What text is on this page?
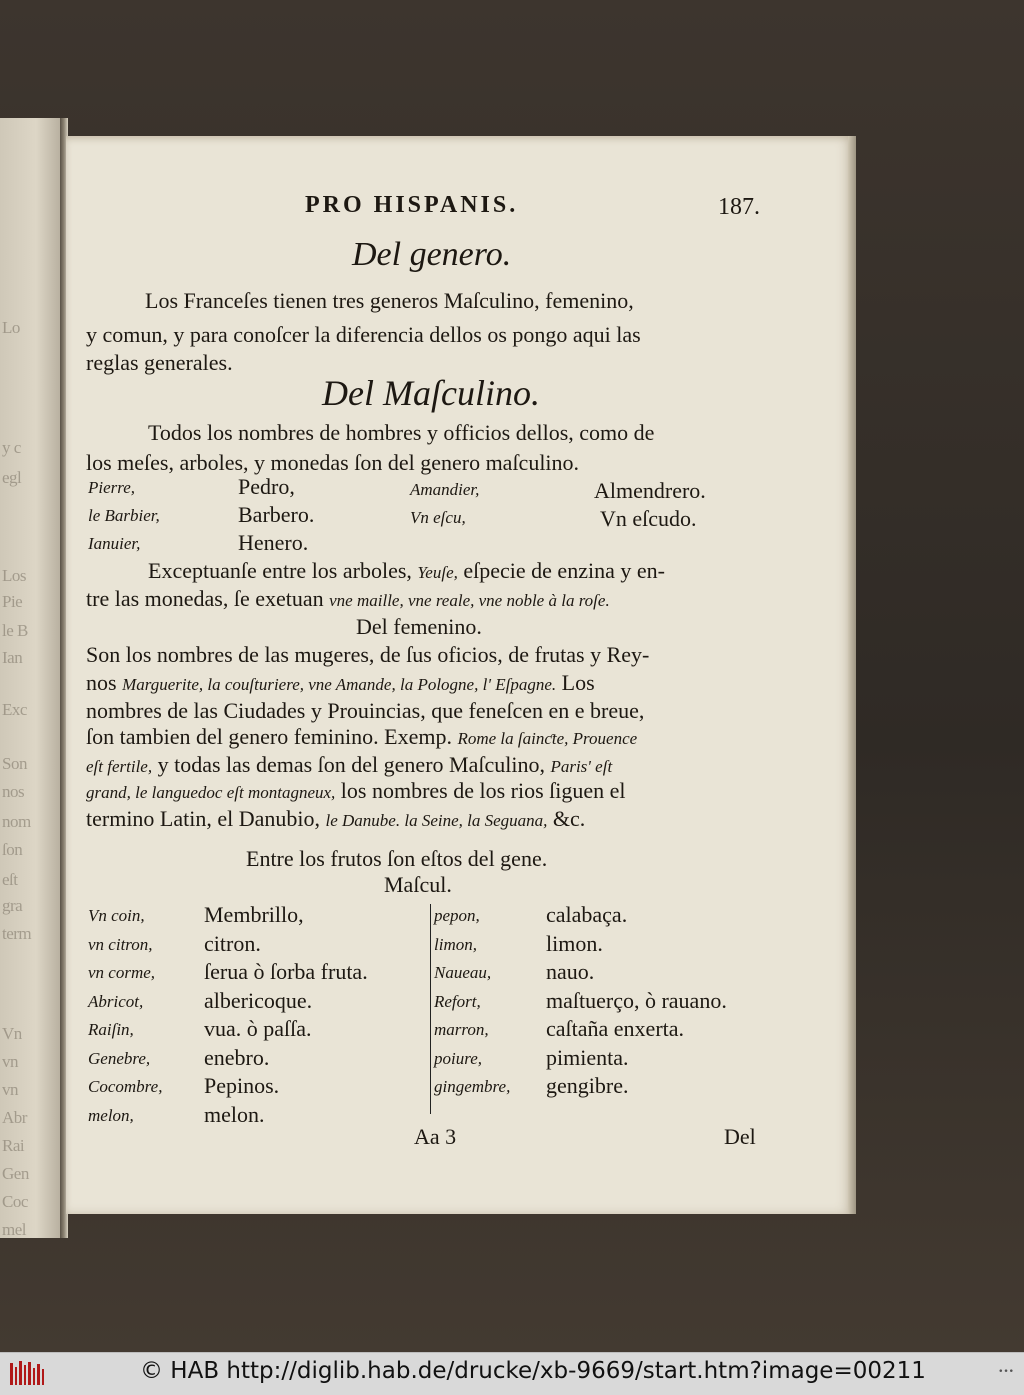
Lo
y c
egl
Los
Pie
le B
Ian
Exc
Son
nos
nom
ſon
eſt
gra
term
Vn
vn
vn
Abr
Rai
Gen
Coc
mel
PRO HISPANIS.	187.
Del genero.
Los Franceſes tienen tres generos Maſculino, femenino,
y comun, y para conoſcer la diferencia dellos os pongo aqui las
reglas generales.
Del Maſculino.
Todos los nombres de hombres y officios dellos, como de
los meſes, arboles, y monedas ſon del genero maſculino.
Pierre,	Pedro,	Amandier,	Almendrero.
le Barbier,	Barbero.	Vn eſcu,	Vn eſcudo.
Ianuier,	Henero.
Exceptuanſe entre los arboles, Yeuſe, eſpecie de enzina y en-
tre las monedas, ſe exetuan vne maille, vne reale, vne noble à la roſe.
Del femenino.
Son los nombres de las mugeres, de ſus oficios, de frutas y Rey-
nos Marguerite, la couſturiere, vne Amande, la Pologne, l' Eſpagne. Los
nombres de las Ciudades y Prouincias, que feneſcen en e breue,
ſon tambien del genero feminino. Exemp. Rome la ſainƈte, Prouence
eſt fertile, y todas las demas ſon del genero Maſculino, Paris' eſt
grand, le languedoc eſt montagneux, los nombres de los rios ſiguen el
termino Latin, el Danubio, le Danube. la Seine, la Seguana, &c.
Entre los frutos ſon eſtos del gene.
Maſcul.
Vn coin,	Membrillo,
vn citron, citron.
vn corme, ſerua ò ſorba fruta.
Abricot,	albericoque.
Raiſin,	vua. ò paſſa.
Genebre, enebro.
Cocombre, Pepinos.
melon,	melon.
pepon,	calabaça.
limon,	limon.
Naueau, nauo.
Refort,	maſtuerço, ò rauano.
marron,	caſtaña enxerta.
poiure,	pimienta.
gingembre, gengibre.
Aa 3	Del
© HAB http://diglib.hab.de/drucke/xb-9669/start.htm?image=00211	•••
